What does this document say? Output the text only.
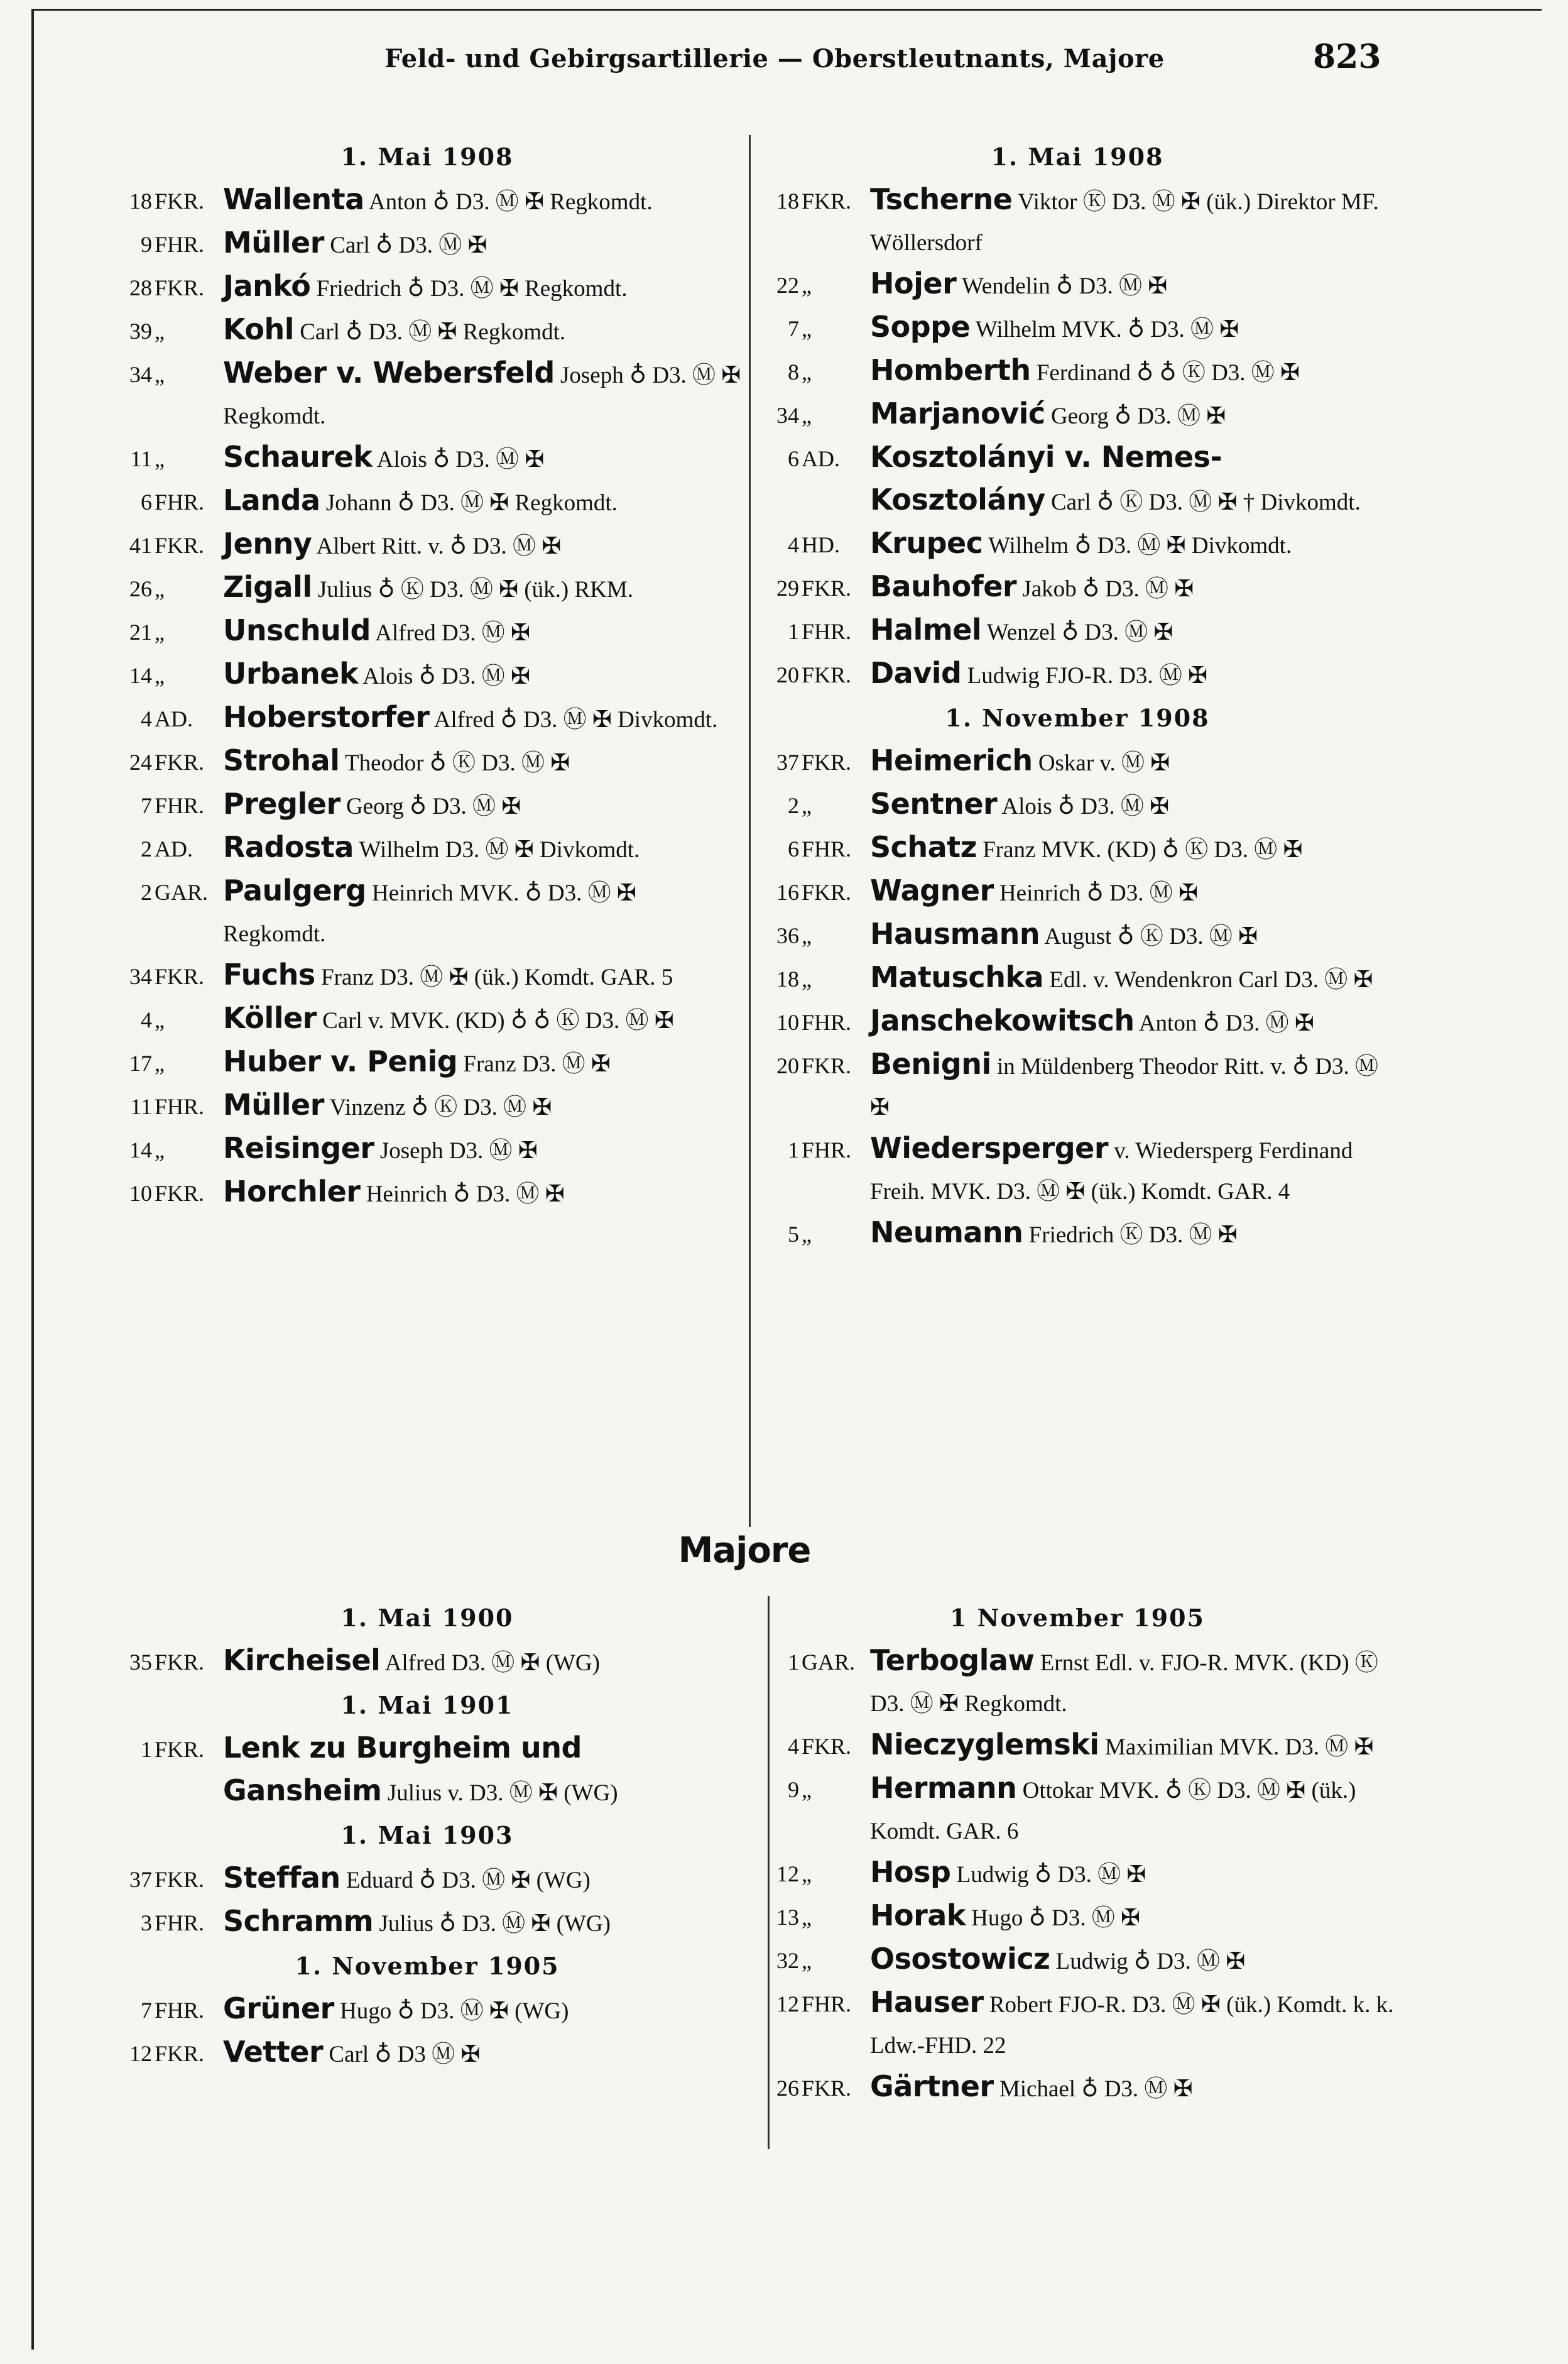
Feld- und Gebirgsartillerie — Oberstleutnants, Majore	823
1. Mai 1908
18 FKR. Wallenta Anton ♁ D3. Ⓜ ✠ Regkomdt.
9 FHR. Müller Carl ♁ D3. Ⓜ ✠
28 FKR. Jankó Friedrich ♁ D3. Ⓜ ✠ Regkomdt.
39 „	Kohl Carl ♁ D3. Ⓜ ✠ Regkomdt.
34 „	Weber v. Webersfeld Joseph ♁ D3. Ⓜ ✠ Regkomdt.
11 „	Schaurek Alois ♁ D3. Ⓜ ✠
6 FHR. Landa Johann ♁ D3. Ⓜ ✠ Regkomdt.
41 FKR. Jenny Albert Ritt. v. ♁ D3. Ⓜ ✠
26 „	Zigall Julius ♁ Ⓚ D3. Ⓜ ✠ (ük.) RKM.
21 „	Unschuld Alfred D3. Ⓜ ✠
14 „	Urbanek Alois ♁ D3. Ⓜ ✠
4 AD.	Hoberstorfer Alfred ♁ D3. Ⓜ ✠ Divkomdt.
24 FKR. Strohal Theodor ♁ Ⓚ D3. Ⓜ ✠
7 FHR. Pregler Georg ♁ D3. Ⓜ ✠
2 AD.	Radosta Wilhelm D3. Ⓜ ✠ Divkomdt.
2 GAR. Paulgerg Heinrich MVK. ♁ D3. Ⓜ ✠ Regkomdt.
34 FKR. Fuchs Franz D3. Ⓜ ✠ (ük.) Komdt. GAR. 5
4 „	Köller Carl v. MVK. (KD) ♁ ♁ Ⓚ D3. Ⓜ ✠
17 „	Huber v. Penig Franz D3. Ⓜ ✠
11 FHR. Müller Vinzenz ♁ Ⓚ D3. Ⓜ ✠
14 „	Reisinger Joseph D3. Ⓜ ✠
10 FKR. Horchler Heinrich ♁ D3. Ⓜ ✠
1. Mai 1908
18 FKR. Tscherne Viktor Ⓚ D3. Ⓜ ✠ (ük.) Direktor MF. Wöllersdorf
22 „	Hojer Wendelin ♁ D3. Ⓜ ✠
7 „	Soppe Wilhelm MVK. ♁ D3. Ⓜ ✠
8 „	Homberth Ferdinand ♁ ♁ Ⓚ D3. Ⓜ ✠
34 „	Marjanović Georg ♁ D3. Ⓜ ✠
6 AD.	Kosztolányi v. Nemes-Kosztolány Carl ♁ Ⓚ D3. Ⓜ ✠ † Divkomdt.
4 HD.	Krupec Wilhelm ♁ D3. Ⓜ ✠ Divkomdt.
29 FKR. Bauhofer Jakob ♁ D3. Ⓜ ✠
1 FHR. Halmel Wenzel ♁ D3. Ⓜ ✠
20 FKR. David Ludwig FJO-R. D3. Ⓜ ✠
1. November 1908
37 FKR. Heimerich Oskar v. Ⓜ ✠
2 „	Sentner Alois ♁ D3. Ⓜ ✠
6 FHR. Schatz Franz MVK. (KD) ♁ Ⓚ D3. Ⓜ ✠
16 FKR. Wagner Heinrich ♁ D3. Ⓜ ✠
36 „	Hausmann August ♁ Ⓚ D3. Ⓜ ✠
18 „	Matuschka Edl. v. Wendenkron Carl D3. Ⓜ ✠
10 FHR. Janschekowitsch Anton ♁ D3. Ⓜ ✠
20 FKR. Benigni in Müldenberg Theodor Ritt. v. ♁ D3. Ⓜ ✠
1 FHR. Wiedersperger v. Wiedersperg Ferdinand Freih. MVK. D3. Ⓜ ✠ (ük.) Komdt. GAR. 4
5 „	Neumann Friedrich Ⓚ D3. Ⓜ ✠
Majore
1. Mai 1900
35 FKR. Kircheisel Alfred D3. Ⓜ ✠ (WG)
1. Mai 1901
1 FKR. Lenk zu Burgheim und Gansheim Julius v. D3. Ⓜ ✠ (WG)
1. Mai 1903
37 FKR. Steffan Eduard ♁ D3. Ⓜ ✠ (WG)
3 FHR. Schramm Julius ♁ D3. Ⓜ ✠ (WG)
1. November 1905
7 FHR. Grüner Hugo ♁ D3. Ⓜ ✠ (WG)
12 FKR. Vetter Carl ♁ D3 Ⓜ ✠
1 November 1905
1 GAR. Terboglaw Ernst Edl. v. FJO-R. MVK. (KD) Ⓚ D3. Ⓜ ✠ Regkomdt.
4 FKR. Nieczyglemski Maximilian MVK. D3. Ⓜ ✠
9 „	Hermann Ottokar MVK. ♁ Ⓚ D3. Ⓜ ✠ (ük.) Komdt. GAR. 6
12 „	Hosp Ludwig ♁ D3. Ⓜ ✠
13 „	Horak Hugo ♁ D3. Ⓜ ✠
32 „	Osostowicz Ludwig ♁ D3. Ⓜ ✠
12 FHR. Hauser Robert FJO-R. D3. Ⓜ ✠ (ük.) Komdt. k. k. Ldw.-FHD. 22
26 FKR. Gärtner Michael ♁ D3. Ⓜ ✠
